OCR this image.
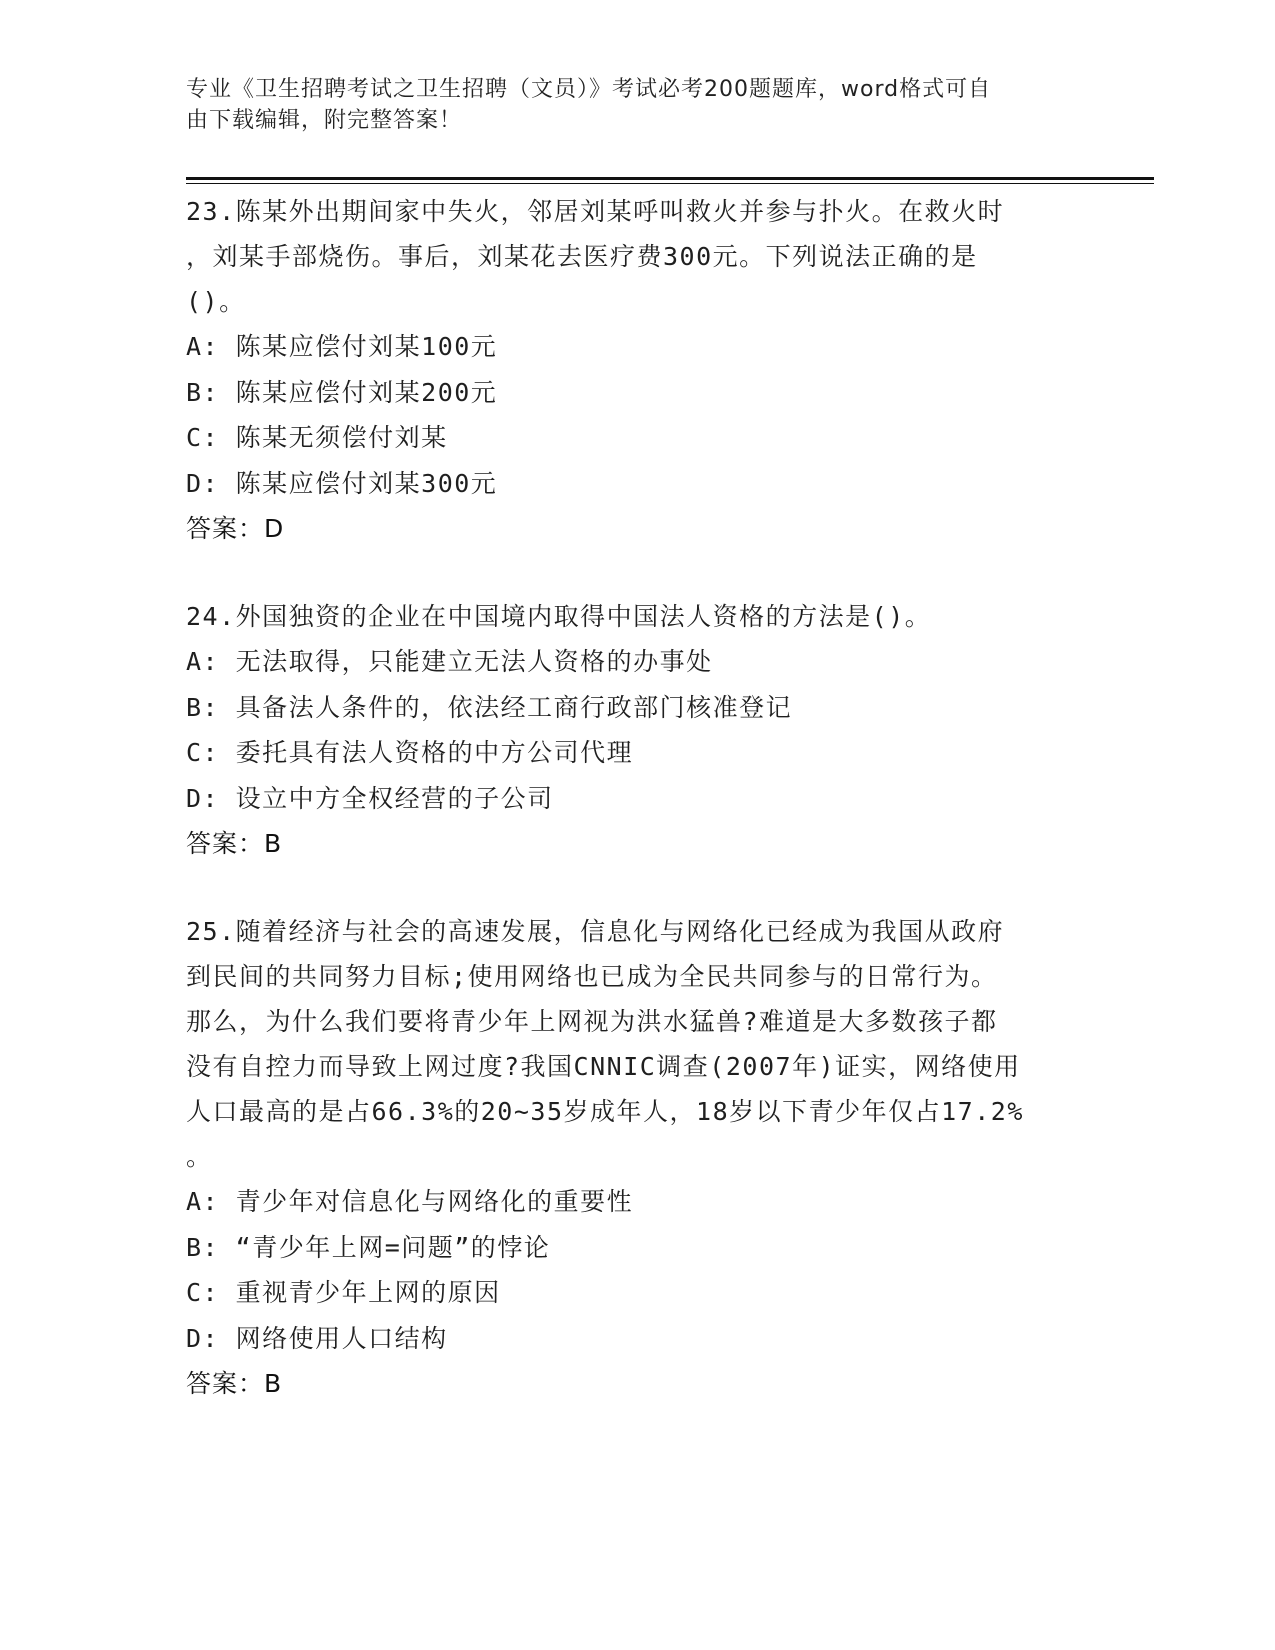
专业《卫生招聘考试之卫生招聘（文员）》考试必考200题题库，word格式可自
由下载编辑，附完整答案！
23.陈某外出期间家中失火，邻居刘某呼叫救火并参与扑火。在救火时
，刘某手部烧伤。事后，刘某花去医疗费300元。下列说法正确的是
()。
A: 陈某应偿付刘某100元
B: 陈某应偿付刘某200元
C: 陈某无须偿付刘某
D: 陈某应偿付刘某300元
答案：D
24.外国独资的企业在中国境内取得中国法人资格的方法是()。
A: 无法取得，只能建立无法人资格的办事处
B: 具备法人条件的，依法经工商行政部门核准登记
C: 委托具有法人资格的中方公司代理
D: 设立中方全权经营的子公司
答案：B
25.随着经济与社会的高速发展，信息化与网络化已经成为我国从政府
到民间的共同努力目标;使用网络也已成为全民共同参与的日常行为。
那么，为什么我们要将青少年上网视为洪水猛兽?难道是大多数孩子都
没有自控力而导致上网过度?我国CNNIC调查(2007年)证实，网络使用
人口最高的是占66.3%的20~35岁成年人，18岁以下青少年仅占17.2%
。
A: 青少年对信息化与网络化的重要性
B: “青少年上网=问题”的悖论
C: 重视青少年上网的原因
D: 网络使用人口结构
答案：B
